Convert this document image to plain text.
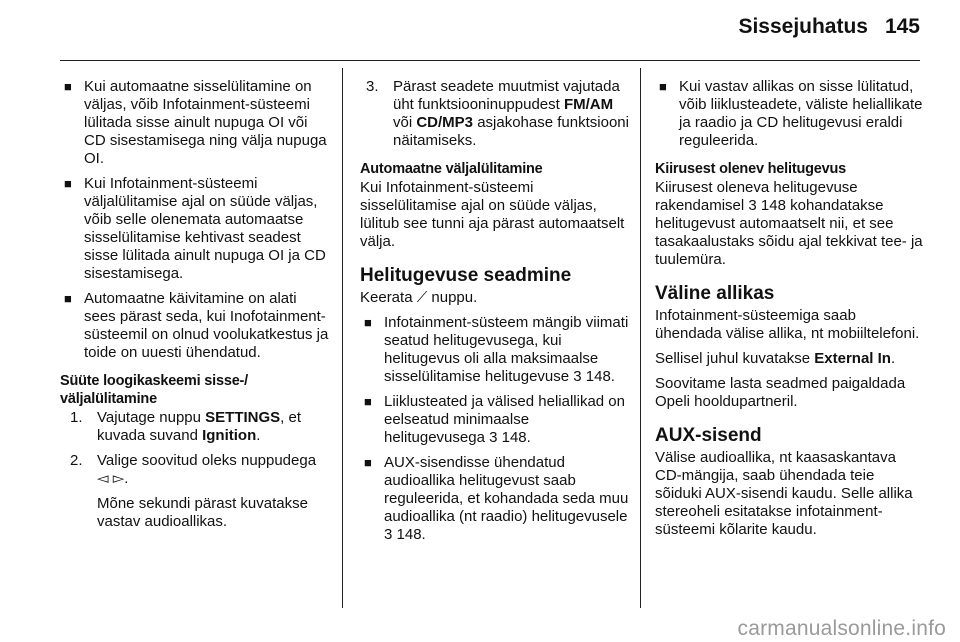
Sissejuhatus 145
■ Kui automaatne sisselülitamine on väljas, võib Infotainment-süsteemi lülitada sisse ainult nupuga OI või CD sisestamisega ning välja nupuga OI.
■ Kui Infotainment-süsteemi väljalülitamise ajal on süüde väljas, võib selle olenemata automaatse sisselülitamise kehtivast seadest sisse lülitada ainult nupuga OI ja CD sisestamisega.
■ Automaatne käivitamine on alati sees pärast seda, kui Inofotainment-süsteemil on olnud voolukatkestus ja toide on uuesti ühendatud.
Süüte loogikaskeemi sisse-/ väljalülitamine
1. Vajutage nuppu SETTINGS, et kuvada suvand Ignition.
2. Valige soovitud oleks nuppudega ◅ ▻.
Mõne sekundi pärast kuvatakse vastav audioallikas.
3. Pärast seadete muutmist vajutada üht funktsiooninuppudest FM/AM või CD/MP3 asjakohase funktsiooni näitamiseks.
Automaatne väljalülitamine
Kui Infotainment-süsteemi sisselülitamise ajal on süüde väljas, lülitub see tunni aja pärast automaatselt välja.
Helitugevuse seadmine
Keerata ⟋ nuppu.
■ Infotainment-süsteem mängib viimati seatud helitugevusega, kui helitugevus oli alla maksimaalse sisselülitamise helitugevuse 3 148.
■ Liiklusteated ja välised heliallikad on eelseatud minimaalse helitugevusega 3 148.
■ AUX-sisendisse ühendatud audioallika helitugevust saab reguleerida, et kohandada seda muu audioallika (nt raadio) helitugevusele 3 148.
■ Kui vastav allikas on sisse lülitatud, võib liiklusteadete, väliste heliallikate ja raadio ja CD helitugevusi eraldi reguleerida.
Kiirusest olenev helitugevus
Kiirusest oleneva helitugevuse rakendamisel 3 148 kohandatakse helitugevust automaatselt nii, et see tasakaalustaks sõidu ajal tekkivat tee- ja tuulemüra.
Väline allikas
Infotainment-süsteemiga saab ühendada välise allika, nt mobiiltelefoni.
Sellisel juhul kuvatakse External In.
Soovitame lasta seadmed paigaldada Opeli hooldupartneril.
AUX-sisend
Välise audioallika, nt kaasaskantava CD-mängija, saab ühendada teie sõiduki AUX-sisendi kaudu. Selle allika stereoheli esitatakse infotainment-süsteemi kõlarite kaudu.
carmanualsonline.info
